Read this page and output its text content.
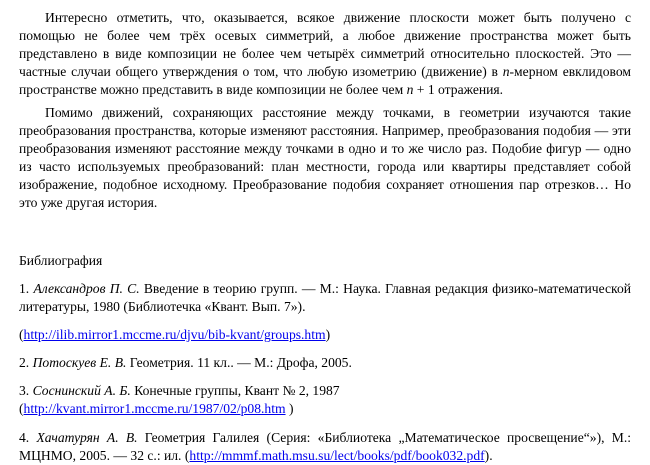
Интересно отметить, что, оказывается, всякое движение плоскости может быть получено с помощью не более чем трёх осевых симметрий, а любое движение пространства может быть представлено в виде композиции не более чем четырёх симметрий относительно плоскостей. Это — частные случаи общего утверждения о том, что любую изометрию (движение) в n-мерном евклидовом пространстве можно представить в виде композиции не более чем n + 1 отражения.

Помимо движений, сохраняющих расстояние между точками, в геометрии изучаются такие преобразования пространства, которые изменяют расстояния. Например, преобразования подобия — эти преобразования изменяют расстояние между точками в одно и то же число раз. Подобие фигур — одно из часто используемых преобразований: план местности, города или квартиры представляет собой изображение, подобное исходному. Преобразование подобия сохраняет отношения пар отрезков… Но это уже другая история.

Библиография
1. Александров П. С. Введение в теорию групп. — М.: Наука. Главная редакция физико-математической литературы, 1980 (Библиотечка «Квант. Вып. 7»).
(http://ilib.mirror1.mccme.ru/djvu/bib-kvant/groups.htm)
2. Потоскуев Е. В. Геометрия. 11 кл.. — М.: Дрофа, 2005.
3. Соснинский А. Б. Конечные группы, Квант № 2, 1987
(http://kvant.mirror1.mccme.ru/1987/02/p08.htm )
4. Хачатурян А. В. Геометрия Галилея (Серия: «Библиотека „Математическое просвещение“»), М.: МЦНМО, 2005. — 32 с.: ил. (http://mmmf.math.msu.su/lect/books/pdf/book032.pdf).
